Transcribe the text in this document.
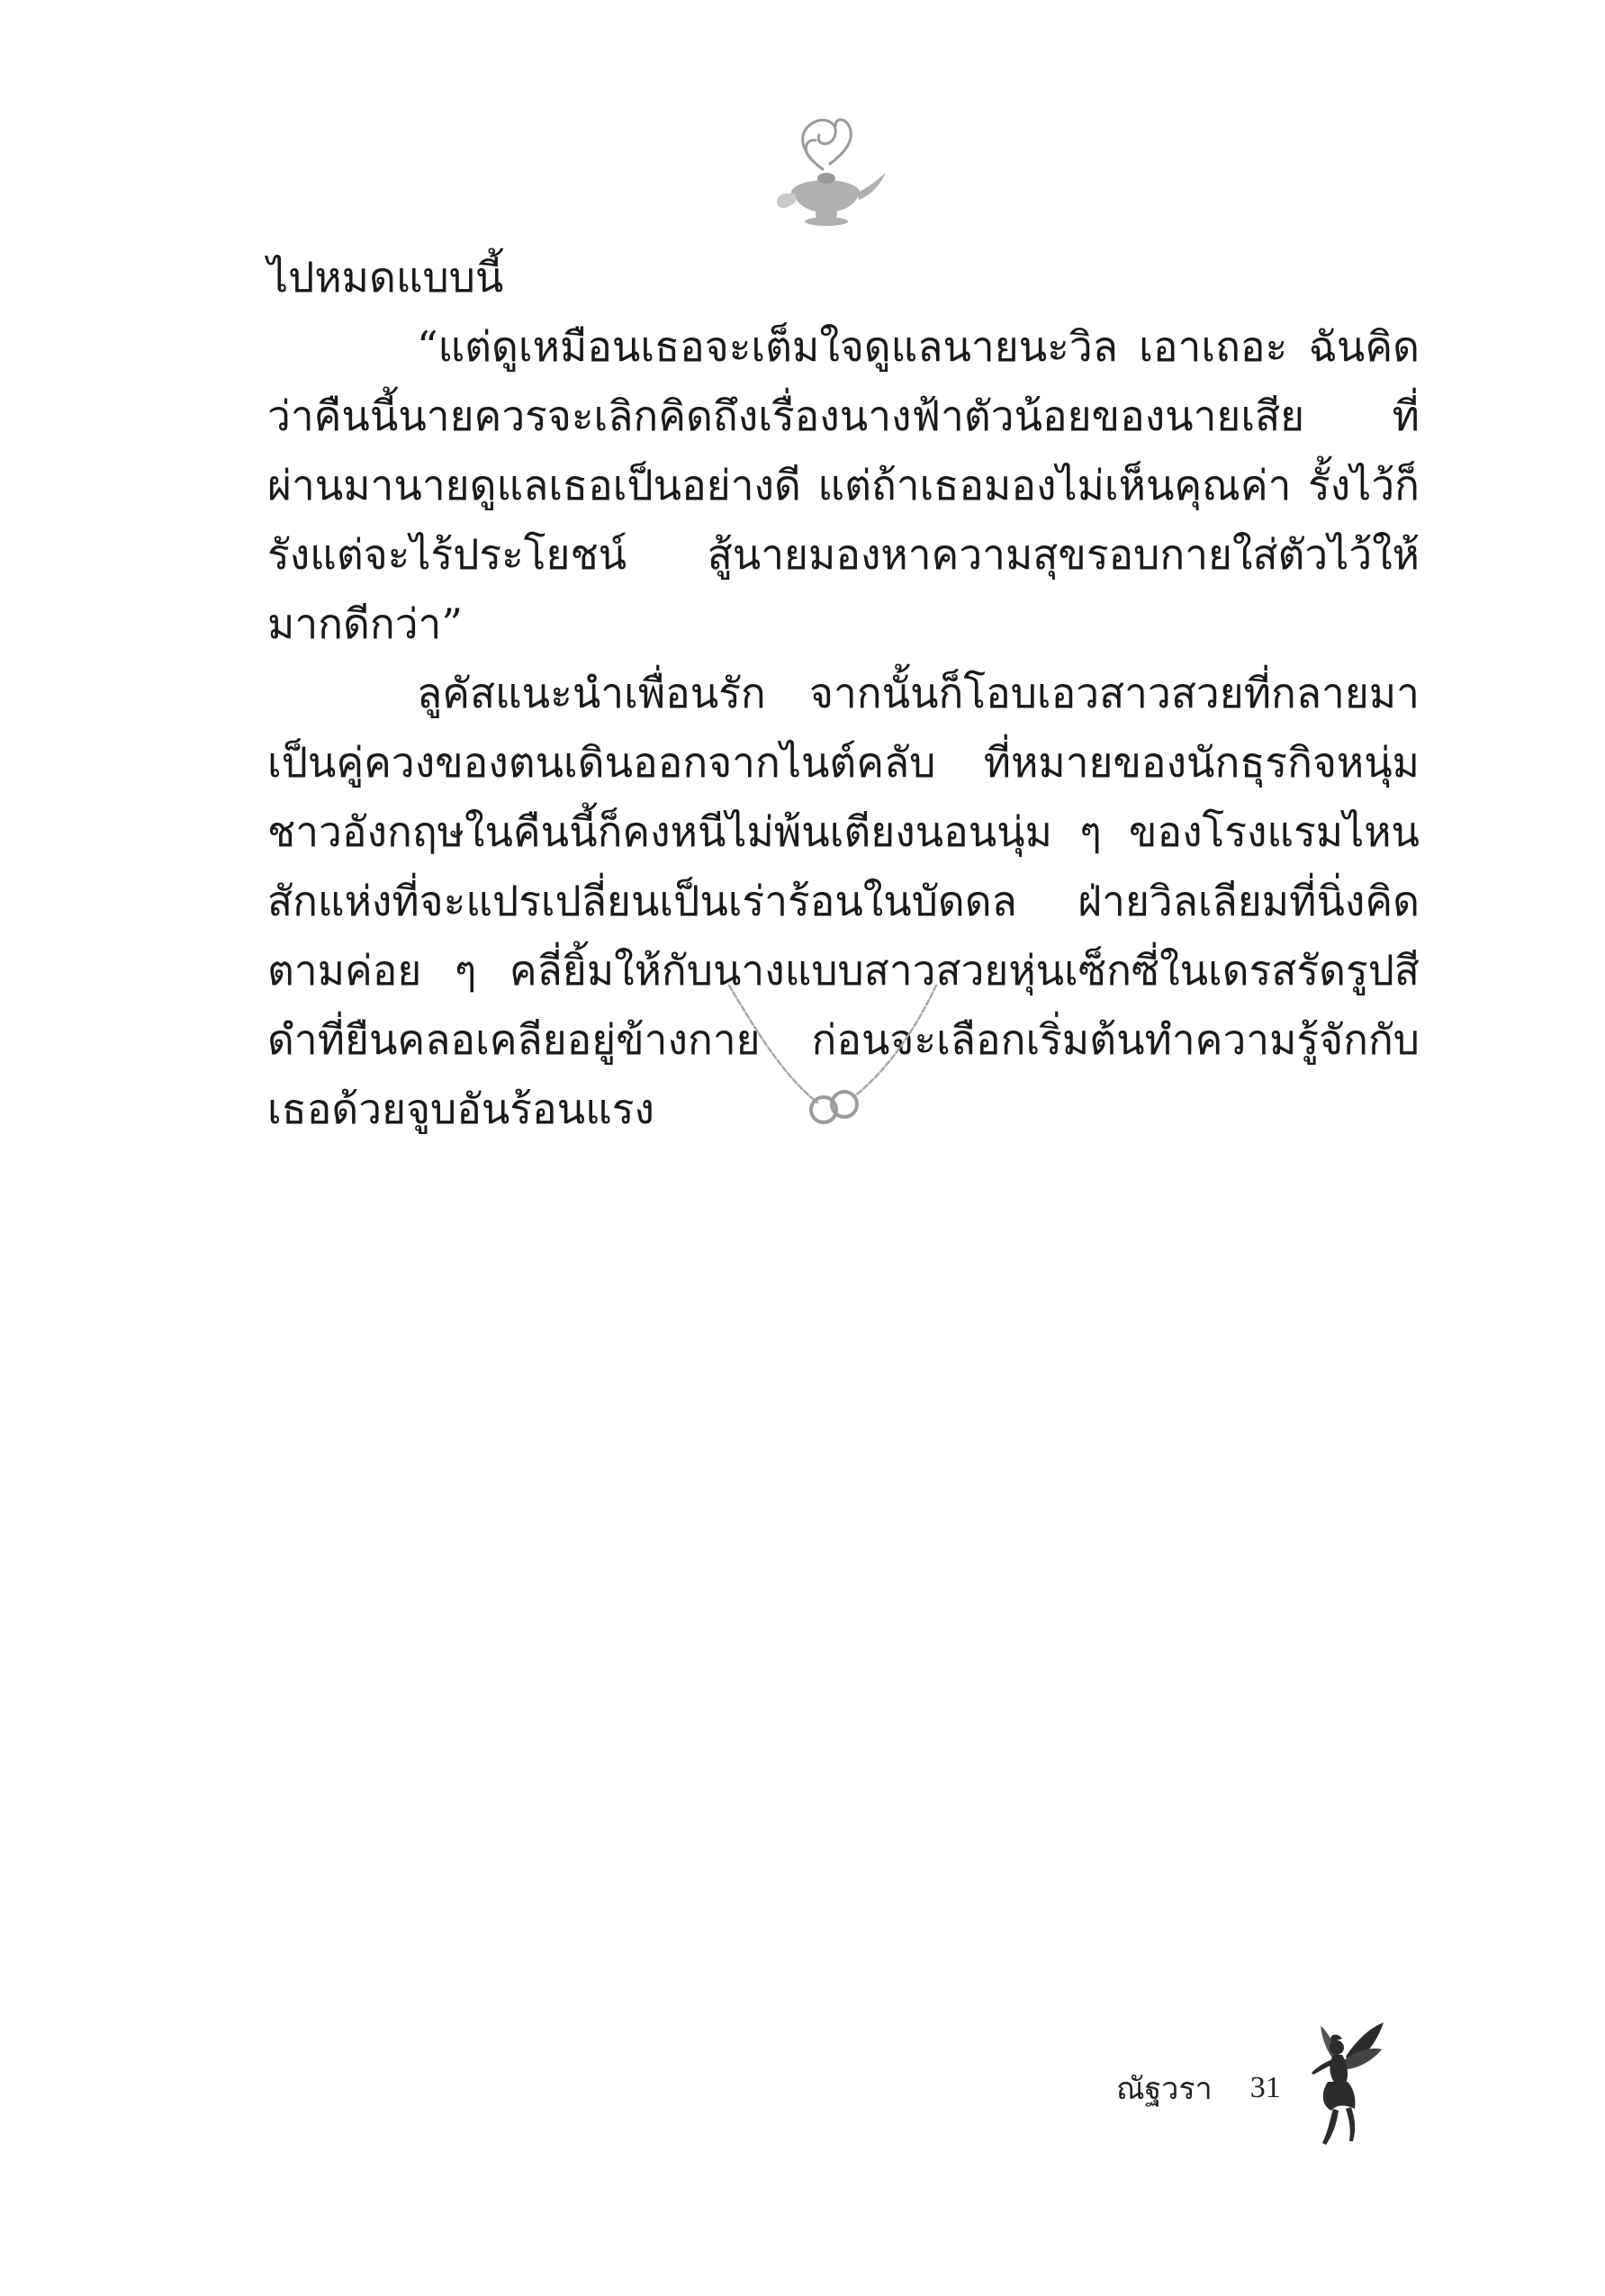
ไปหมดแบบนี้

“แต่ดูเหมือนเธอจะเต็มใจดูแลนายนะวิล เอาเถอะ ฉันคิดว่าคืนนี้นายควรจะเลิกคิดถึงเรื่องนางฟ้าตัวน้อยของนายเสีย ที่ผ่านมานายดูแลเธอเป็นอย่างดี แต่ถ้าเธอมองไม่เห็นคุณค่า รั้งไว้ก็รังแต่จะไร้ประโยชน์ สู้นายมองหาความสุขรอบกายใส่ตัวไว้ให้มากดีกว่า”

ลูคัสแนะนำเพื่อนรัก จากนั้นก็โอบเอวสาวสวยที่กลายมาเป็นคู่ควงของตนเดินออกจากไนต์คลับ ที่หมายของนักธุรกิจหนุ่มชาวอังกฤษในคืนนี้ก็คงหนีไม่พ้นเตียงนอนนุ่ม ๆ ของโรงแรมไหนสักแห่งที่จะแปรเปลี่ยนเป็นเร่าร้อนในบัดดล ฝ่ายวิลเลียมที่นิ่งคิดตามค่อย ๆ คลี่ยิ้มให้กับนางแบบสาวสวยหุ่นเซ็กซี่ในเดรสรัดรูปสีดำที่ยืนคลอเคลียอยู่ข้างกาย ก่อนจะเลือกเริ่มต้นทำความรู้จักกับเธอด้วยจูบอันร้อนแรง

ณัฐวรา 31
